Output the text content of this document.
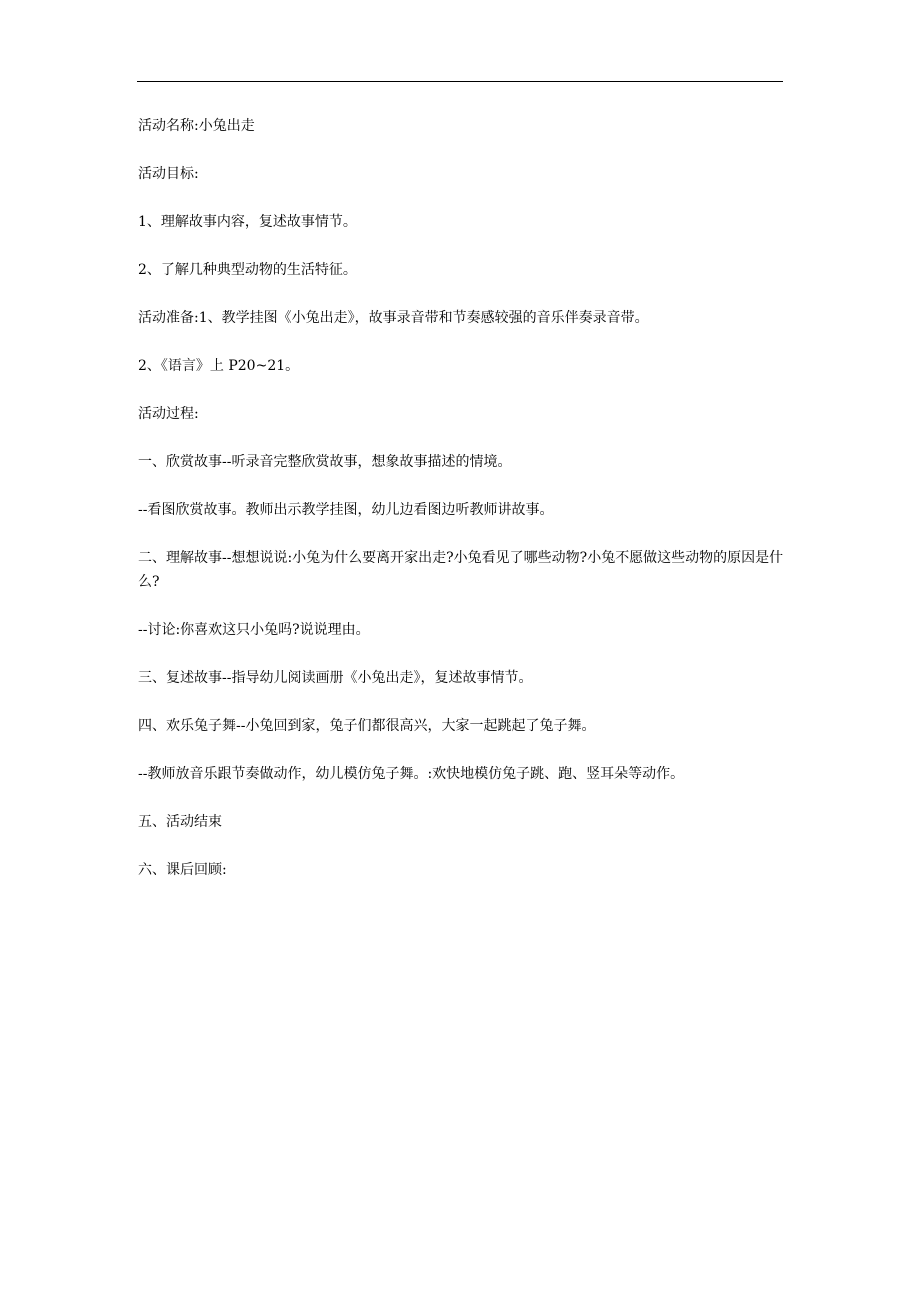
活动名称:小兔出走

活动目标:

1、理解故事内容，复述故事情节。

2、了解几种典型动物的生活特征。

活动准备:1、教学挂图《小兔出走》，故事录音带和节奏感较强的音乐伴奏录音带。

2、《语言》上 P20~21。

活动过程:

一、欣赏故事--听录音完整欣赏故事，想象故事描述的情境。

--看图欣赏故事。教师出示教学挂图，幼儿边看图边听教师讲故事。

二、理解故事--想想说说:小兔为什么要离开家出走?小兔看见了哪些动物?小兔不愿做这些动物的原因是什么?

--讨论:你喜欢这只小兔吗?说说理由。

三、复述故事--指导幼儿阅读画册《小兔出走》，复述故事情节。

四、欢乐兔子舞--小兔回到家，兔子们都很高兴，大家一起跳起了兔子舞。

--教师放音乐跟节奏做动作，幼儿模仿兔子舞。:欢快地模仿兔子跳、跑、竖耳朵等动作。

五、活动结束

六、课后回顾:
